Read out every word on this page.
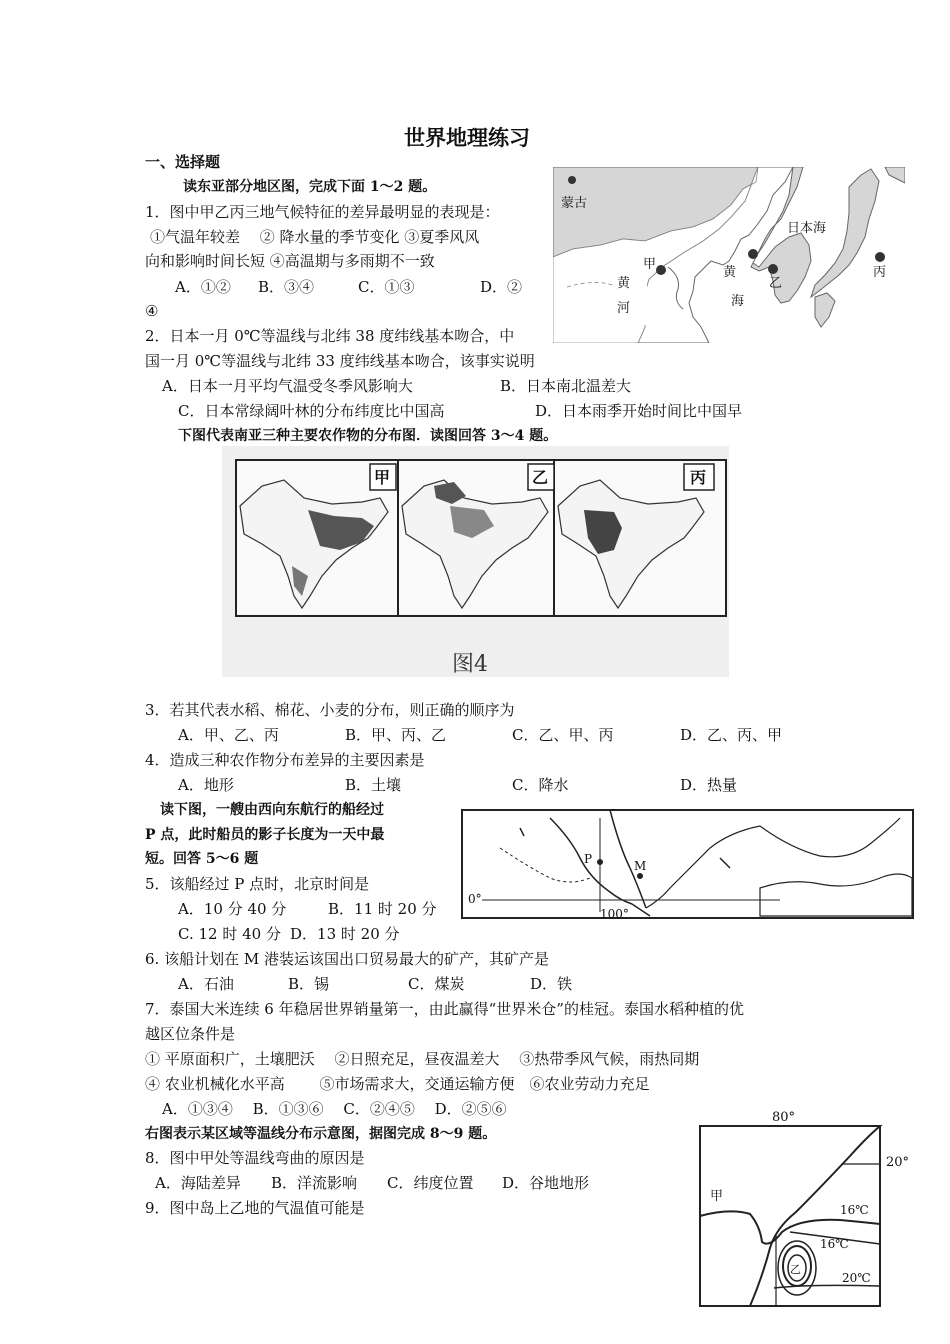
世界地理练习
一、选择题
读东亚部分地区图，完成下面 1～2 题。
1．图中甲乙丙三地气候特征的差异最明显的表现是：
①气温年较差　 ② 降水量的季节变化 ③夏季风风
向和影响时间长短 ④高温期与多雨期不一致
A．①② B．③④	C．①③	D．②
④
2．日本一月 0℃等温线与北纬 38 度纬线基本吻合，中
国一月 0℃等温线与北纬 33 度纬线基本吻合，该事实说明
A．日本一月平均气温受冬季风影响大	B．日本南北温差大
C．日本常绿阔叶林的分布纬度比中国高	D．日本雨季开始时间比中国早
下图代表南亚三种主要农作物的分布图．读图回答 3～4 题。
3．若其代表水稻、棉花、小麦的分布，则正确的顺序为
A．甲、乙、丙	B．甲、丙、乙	C．乙、甲、丙	D．乙、丙、甲
4．造成三种农作物分布差异的主要因素是
A．地形	B．土壤	C．降水	D．热量
读下图，一艘由西向东航行的船经过
P 点，此时船员的影子长度为一天中最
短。回答 5～6 题
5．该船经过 P 点时，北京时间是
A．10 分 40 分	B．11 时 20 分
C. 12 时 40 分 D．13 时 20 分
6. 该船计划在 M 港装运该国出口贸易最大的矿产，其矿产是
A．石油	B．锡	C．煤炭	D．铁
7．泰国大米连续 6 年稳居世界销量第一，由此赢得“世界米仓”的桂冠。泰国水稻种植的优
越区位条件是
① 平原面积广，土壤肥沃　 ②日照充足，昼夜温差大　 ③热带季风气候，雨热同期
④ 农业机械化水平高　　 ⑤市场需求大，交通运输方便　⑥农业劳动力充足
A．①③④　 B．①③⑥　 C．②④⑤　 D．②⑤⑥
右图表示某区域等温线分布示意图，据图完成 8～9 题。
8．图中甲处等温线弯曲的原因是
A．海陆差异 B．洋流影响 C．纬度位置 D．谷地地形
9．图中岛上乙地的气温值可能是
蒙古
日本海
甲
乙
丙
黄
海
黄
河
甲	乙	丙
图4
P	M
0°
100°
80°
20°
甲
16℃
16℃
20℃
乙
